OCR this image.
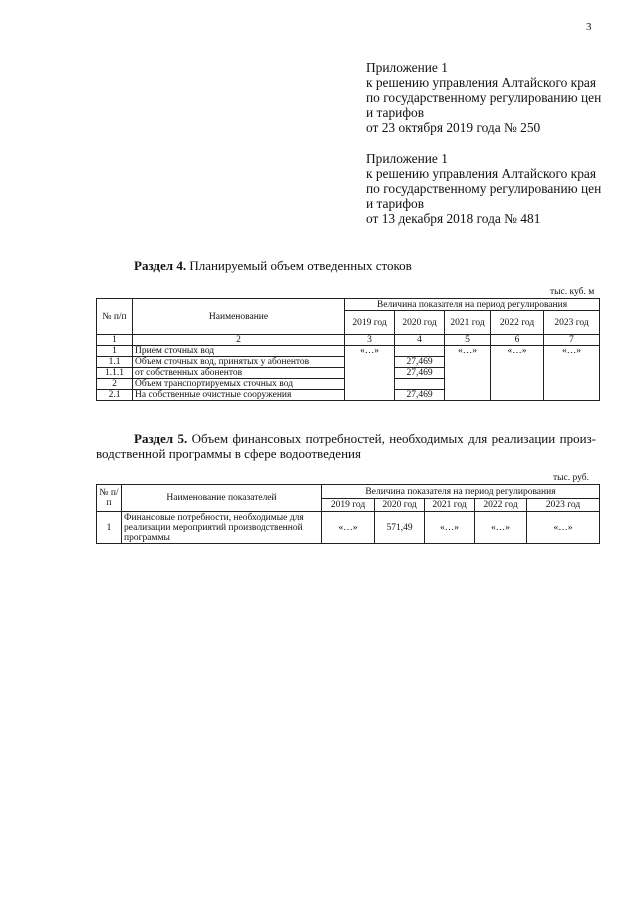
3
Приложение 1
к решению управления Алтайского края
по государственному регулированию цен
и тарифов
от 23 октября 2019 года № 250
Приложение 1
к решению управления Алтайского края
по государственному регулированию цен
и тарифов
от 13 декабря 2018 года № 481
Раздел 4. Планируемый объем отведенных стоков
тыс. куб. м
№ п/п	Наименование	Величина показателя на период регулирования				
		2019 год	2020 год	2021 год	2022 год	2023 год
1	2	3	4	5	6	7
1	Прием сточных вод	«…»		«…»	«…»	«…»
1.1	Объем сточных вод, принятых у абонентов		27,469			
1.1.1	от собственных абонентов		27,469			
2	Объем транспортируемых сточных вод					
2.1	На собственные очистные сооружения		27,469			
Раздел 5. Объем финансовых потребностей, необходимых для реализации произ-
водственной программы в сфере водоотведения
тыс. руб.
№ п/п	Наименование показателей	Величина показателя на период регулирования				
		2019 год	2020 год	2021 год	2022 год	2023 год
1	Финансовые потребности, необходимые для реализации мероприятий производственной программы	«…»	571,49	«…»	«…»	«…»
